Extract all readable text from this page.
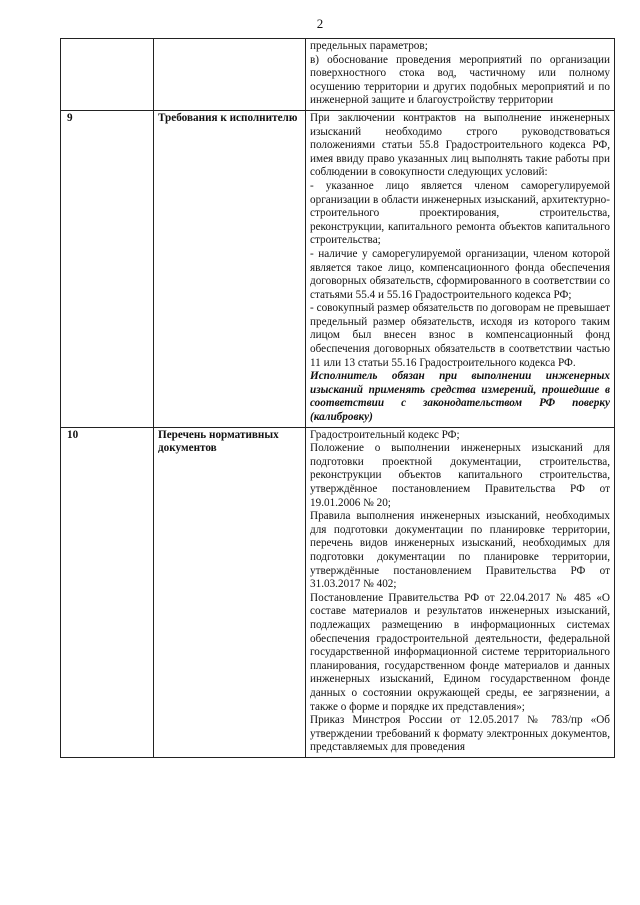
2

		предельных параметров;

в) обоснование проведения мероприятий по организации поверхностного стока вод, частичному или полному осушению территории и других подобных мероприятий и по инженерной защите и благоустройству территории

9	Требования к исполнителю	При заключении контрактов на выполнение инженерных изысканий необходимо строго руководствоваться положениями статьи 55.8 Градостроительного кодекса РФ, имея ввиду право указанных лиц выполнять такие работы при соблюдении в совокупности следующих условий:

- указанное лицо является членом саморегулируемой организации в области инженерных изысканий, архитектурно-строительного проектирования, строительства, реконструкции, капитального ремонта объектов капитального строительства;

- наличие у саморегулируемой организации, членом которой является такое лицо, компенсационного фонда обеспечения договорных обязательств, сформированного в соответствии со статьями 55.4 и 55.16 Градостроительного кодекса РФ;

- совокупный размер обязательств по договорам не превышает предельный размер обязательств, исходя из которого таким лицом был внесен взнос в компенсационный фонд обеспечения договорных обязательств в соответствии частью 11 или 13 статьи 55.16 Градостроительного кодекса РФ.

Исполнитель обязан при выполнении инженерных изысканий применять средства измерений, прошедшие в соответствии с законодательством РФ поверку (калибровку)

10	Перечень нормативных документов	Градостроительный кодекс РФ;

Положение о выполнении инженерных изысканий для подготовки проектной документации, строительства, реконструкции объектов капитального строительства, утверждённое постановлением Правительства РФ от 19.01.2006 № 20;

Правила выполнения инженерных изысканий, необходимых для подготовки документации по планировке территории, перечень видов инженерных изысканий, необходимых для подготовки документации по планировке территории, утверждённые постановлением Правительства РФ от 31.03.2017 № 402;

Постановление Правительства РФ от 22.04.2017 № 485 «О составе материалов и результатов инженерных изысканий, подлежащих размещению в информационных системах обеспечения градостроительной деятельности, федеральной государственной информационной системе территориального планирования, государственном фонде материалов и данных инженерных изысканий, Едином государственном фонде данных о состоянии окружающей среды, ее загрязнении, а также о форме и порядке их представления»;

Приказ Минстроя России от 12.05.2017 № 783/пр «Об утверждении требований к формату электронных документов, представляемых для проведения
